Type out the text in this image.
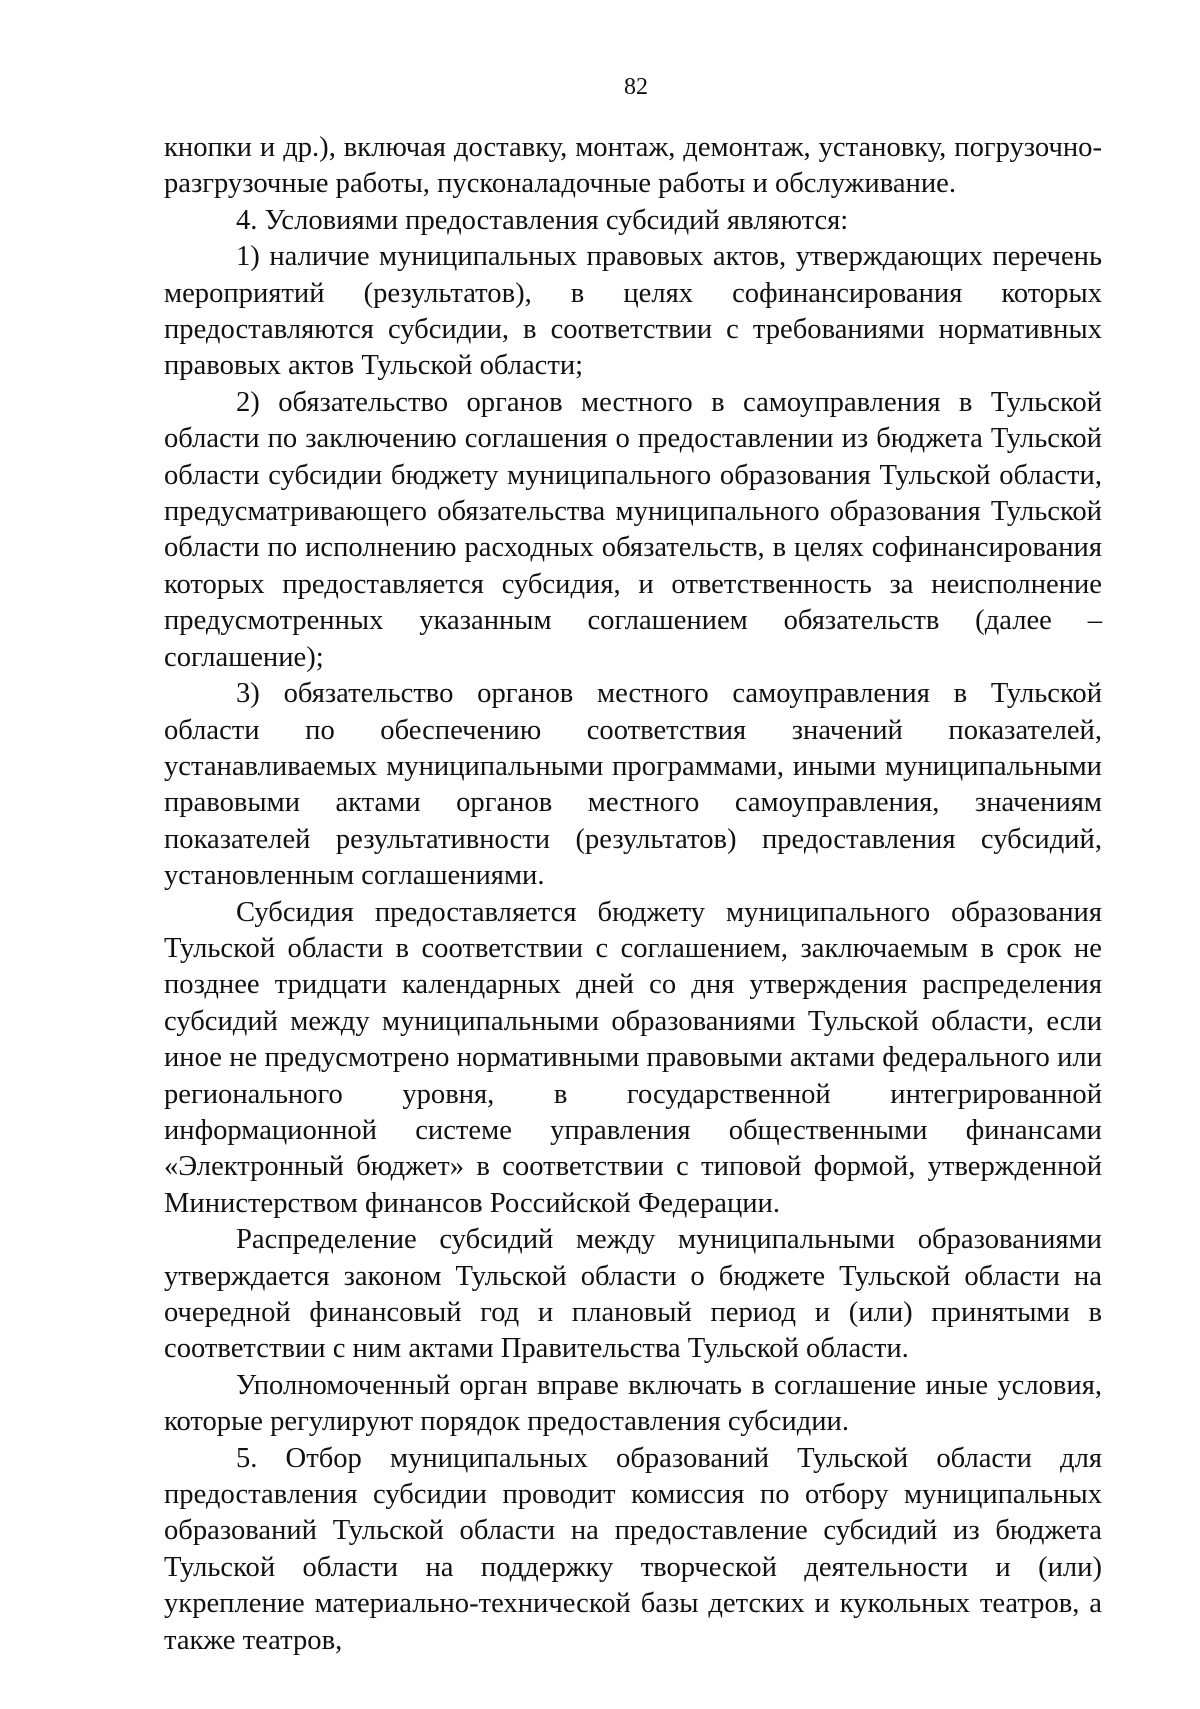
82

кнопки и др.), включая доставку, монтаж, демонтаж, установку, погрузочно-разгрузочные работы, пусконаладочные работы и обслуживание.

4. Условиями предоставления субсидий являются:

1) наличие муниципальных правовых актов, утверждающих перечень мероприятий (результатов), в целях софинансирования которых предоставляются субсидии, в соответствии с требованиями нормативных правовых актов Тульской области;

2) обязательство органов местного в самоуправления в Тульской области по заключению соглашения о предоставлении из бюджета Тульской области субсидии бюджету муниципального образования Тульской области, предусматривающего обязательства муниципального образования Тульской области по исполнению расходных обязательств, в целях софинансирования которых предоставляется субсидия, и ответственность за неисполнение предусмотренных указанным соглашением обязательств (далее – соглашение);

3) обязательство органов местного самоуправления в Тульской области по обеспечению соответствия значений показателей, устанавливаемых муниципальными программами, иными муниципальными правовыми актами органов местного самоуправления, значениям показателей результативности (результатов) предоставления субсидий, установленным соглашениями.

Субсидия предоставляется бюджету муниципального образования Тульской области в соответствии с соглашением, заключаемым в срок не позднее тридцати календарных дней со дня утверждения распределения субсидий между муниципальными образованиями Тульской области, если иное не предусмотрено нормативными правовыми актами федерального или регионального уровня, в государственной интегрированной информационной системе управления общественными финансами «Электронный бюджет» в соответствии с типовой формой, утвержденной Министерством финансов Российской Федерации.

Распределение субсидий между муниципальными образованиями утверждается законом Тульской области о бюджете Тульской области на очередной финансовый год и плановый период и (или) принятыми в соответствии с ним актами Правительства Тульской области.

Уполномоченный орган вправе включать в соглашение иные условия, которые регулируют порядок предоставления субсидии.

5. Отбор муниципальных образований Тульской области для предоставления субсидии проводит комиссия по отбору муниципальных образований Тульской области на предоставление субсидий из бюджета Тульской области на поддержку творческой деятельности и (или) укрепление материально-технической базы детских и кукольных театров, а также театров,
